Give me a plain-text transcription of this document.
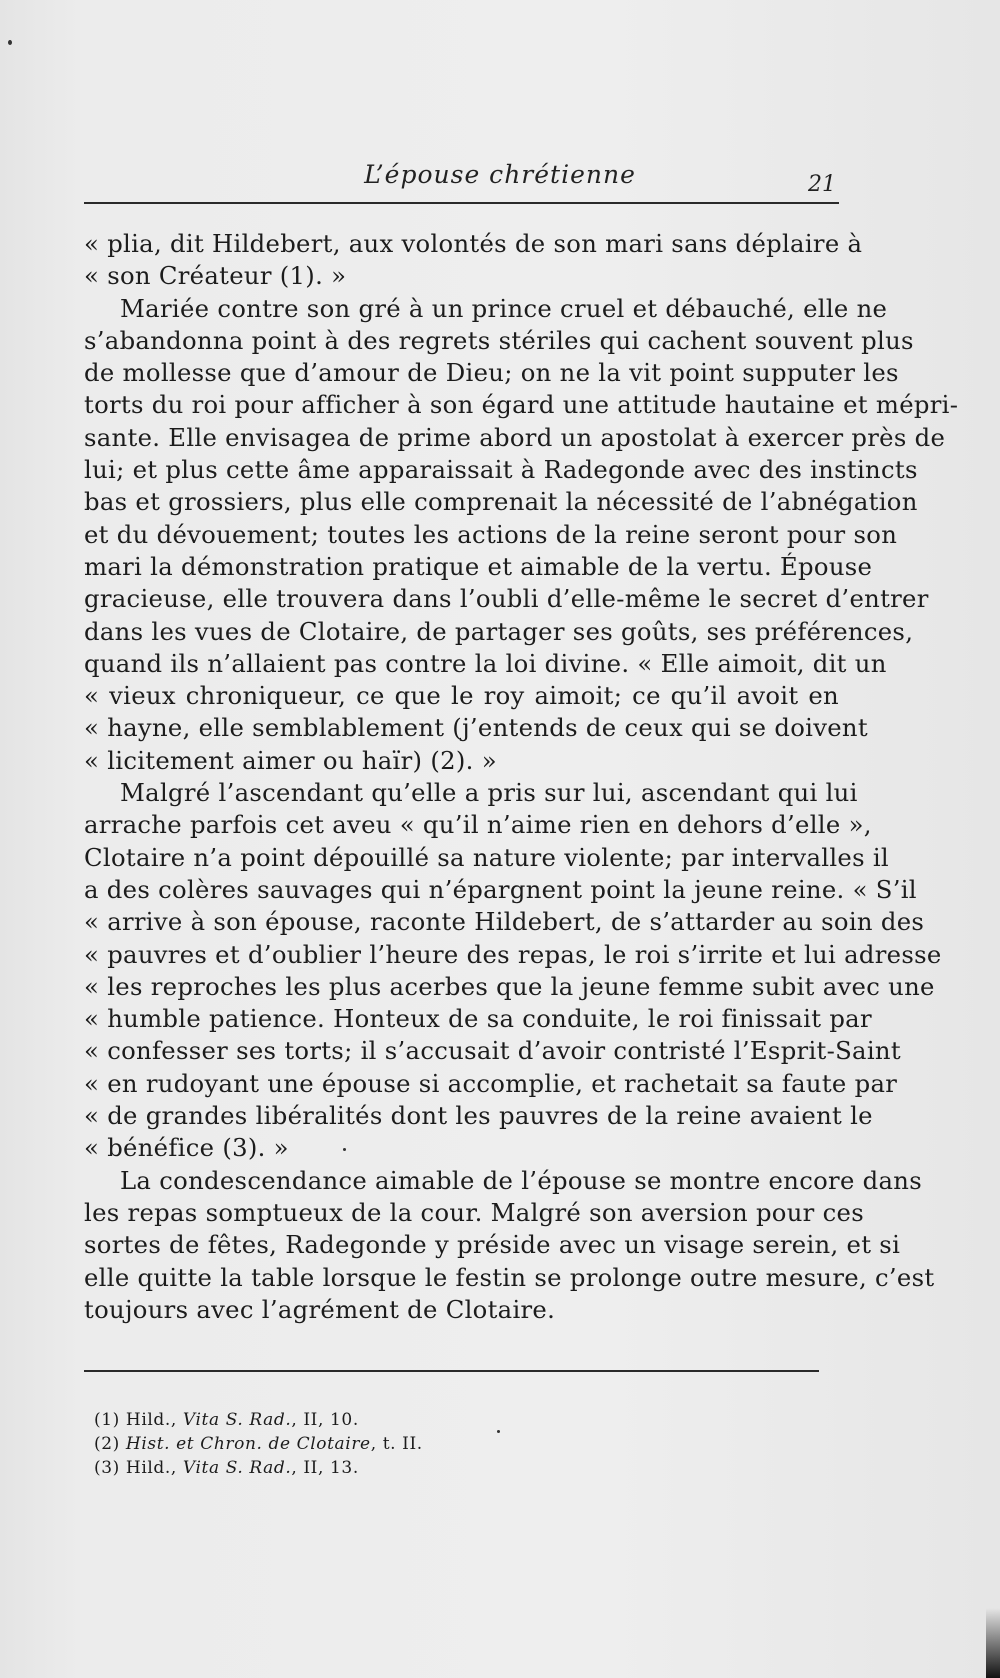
L’épouse chrétienne	21
« plia, dit Hildebert, aux volontés de son mari sans déplaire à
« son Créateur (1). »
Mariée contre son gré à un prince cruel et débauché, elle ne
s’abandonna point à des regrets stériles qui cachent souvent plus
de mollesse que d’amour de Dieu; on ne la vit point supputer les
torts du roi pour afficher à son égard une attitude hautaine et mépri-
sante. Elle envisagea de prime abord un apostolat à exercer près de
lui; et plus cette âme apparaissait à Radegonde avec des instincts
bas et grossiers, plus elle comprenait la nécessité de l’abnégation
et du dévouement; toutes les actions de la reine seront pour son
mari la démonstration pratique et aimable de la vertu. Épouse
gracieuse, elle trouvera dans l’oubli d’elle-même le secret d’entrer
dans les vues de Clotaire, de partager ses goûts, ses préférences,
quand ils n’allaient pas contre la loi divine. « Elle aimoit, dit un
« vieux chroniqueur, ce que le roy aimoit; ce qu’il avoit en
« hayne, elle semblablement (j’entends de ceux qui se doivent
« licitement aimer ou haïr) (2). »
Malgré l’ascendant qu’elle a pris sur lui, ascendant qui lui
arrache parfois cet aveu « qu’il n’aime rien en dehors d’elle »,
Clotaire n’a point dépouillé sa nature violente; par intervalles il
a des colères sauvages qui n’épargnent point la jeune reine. « S’il
« arrive à son épouse, raconte Hildebert, de s’attarder au soin des
« pauvres et d’oublier l’heure des repas, le roi s’irrite et lui adresse
« les reproches les plus acerbes que la jeune femme subit avec une
« humble patience. Honteux de sa conduite, le roi finissait par
« confesser ses torts; il s’accusait d’avoir contristé l’Esprit-Saint
« en rudoyant une épouse si accomplie, et rachetait sa faute par
« de grandes libéralités dont les pauvres de la reine avaient le
« bénéfice (3). »
La condescendance aimable de l’épouse se montre encore dans
les repas somptueux de la cour. Malgré son aversion pour ces
sortes de fêtes, Radegonde y préside avec un visage serein, et si
elle quitte la table lorsque le festin se prolonge outre mesure, c’est
toujours avec l’agrément de Clotaire.
(1) Hild., Vita S. Rad., II, 10.
(2) Hist. et Chron. de Clotaire, t. II.
(3) Hild., Vita S. Rad., II, 13.
